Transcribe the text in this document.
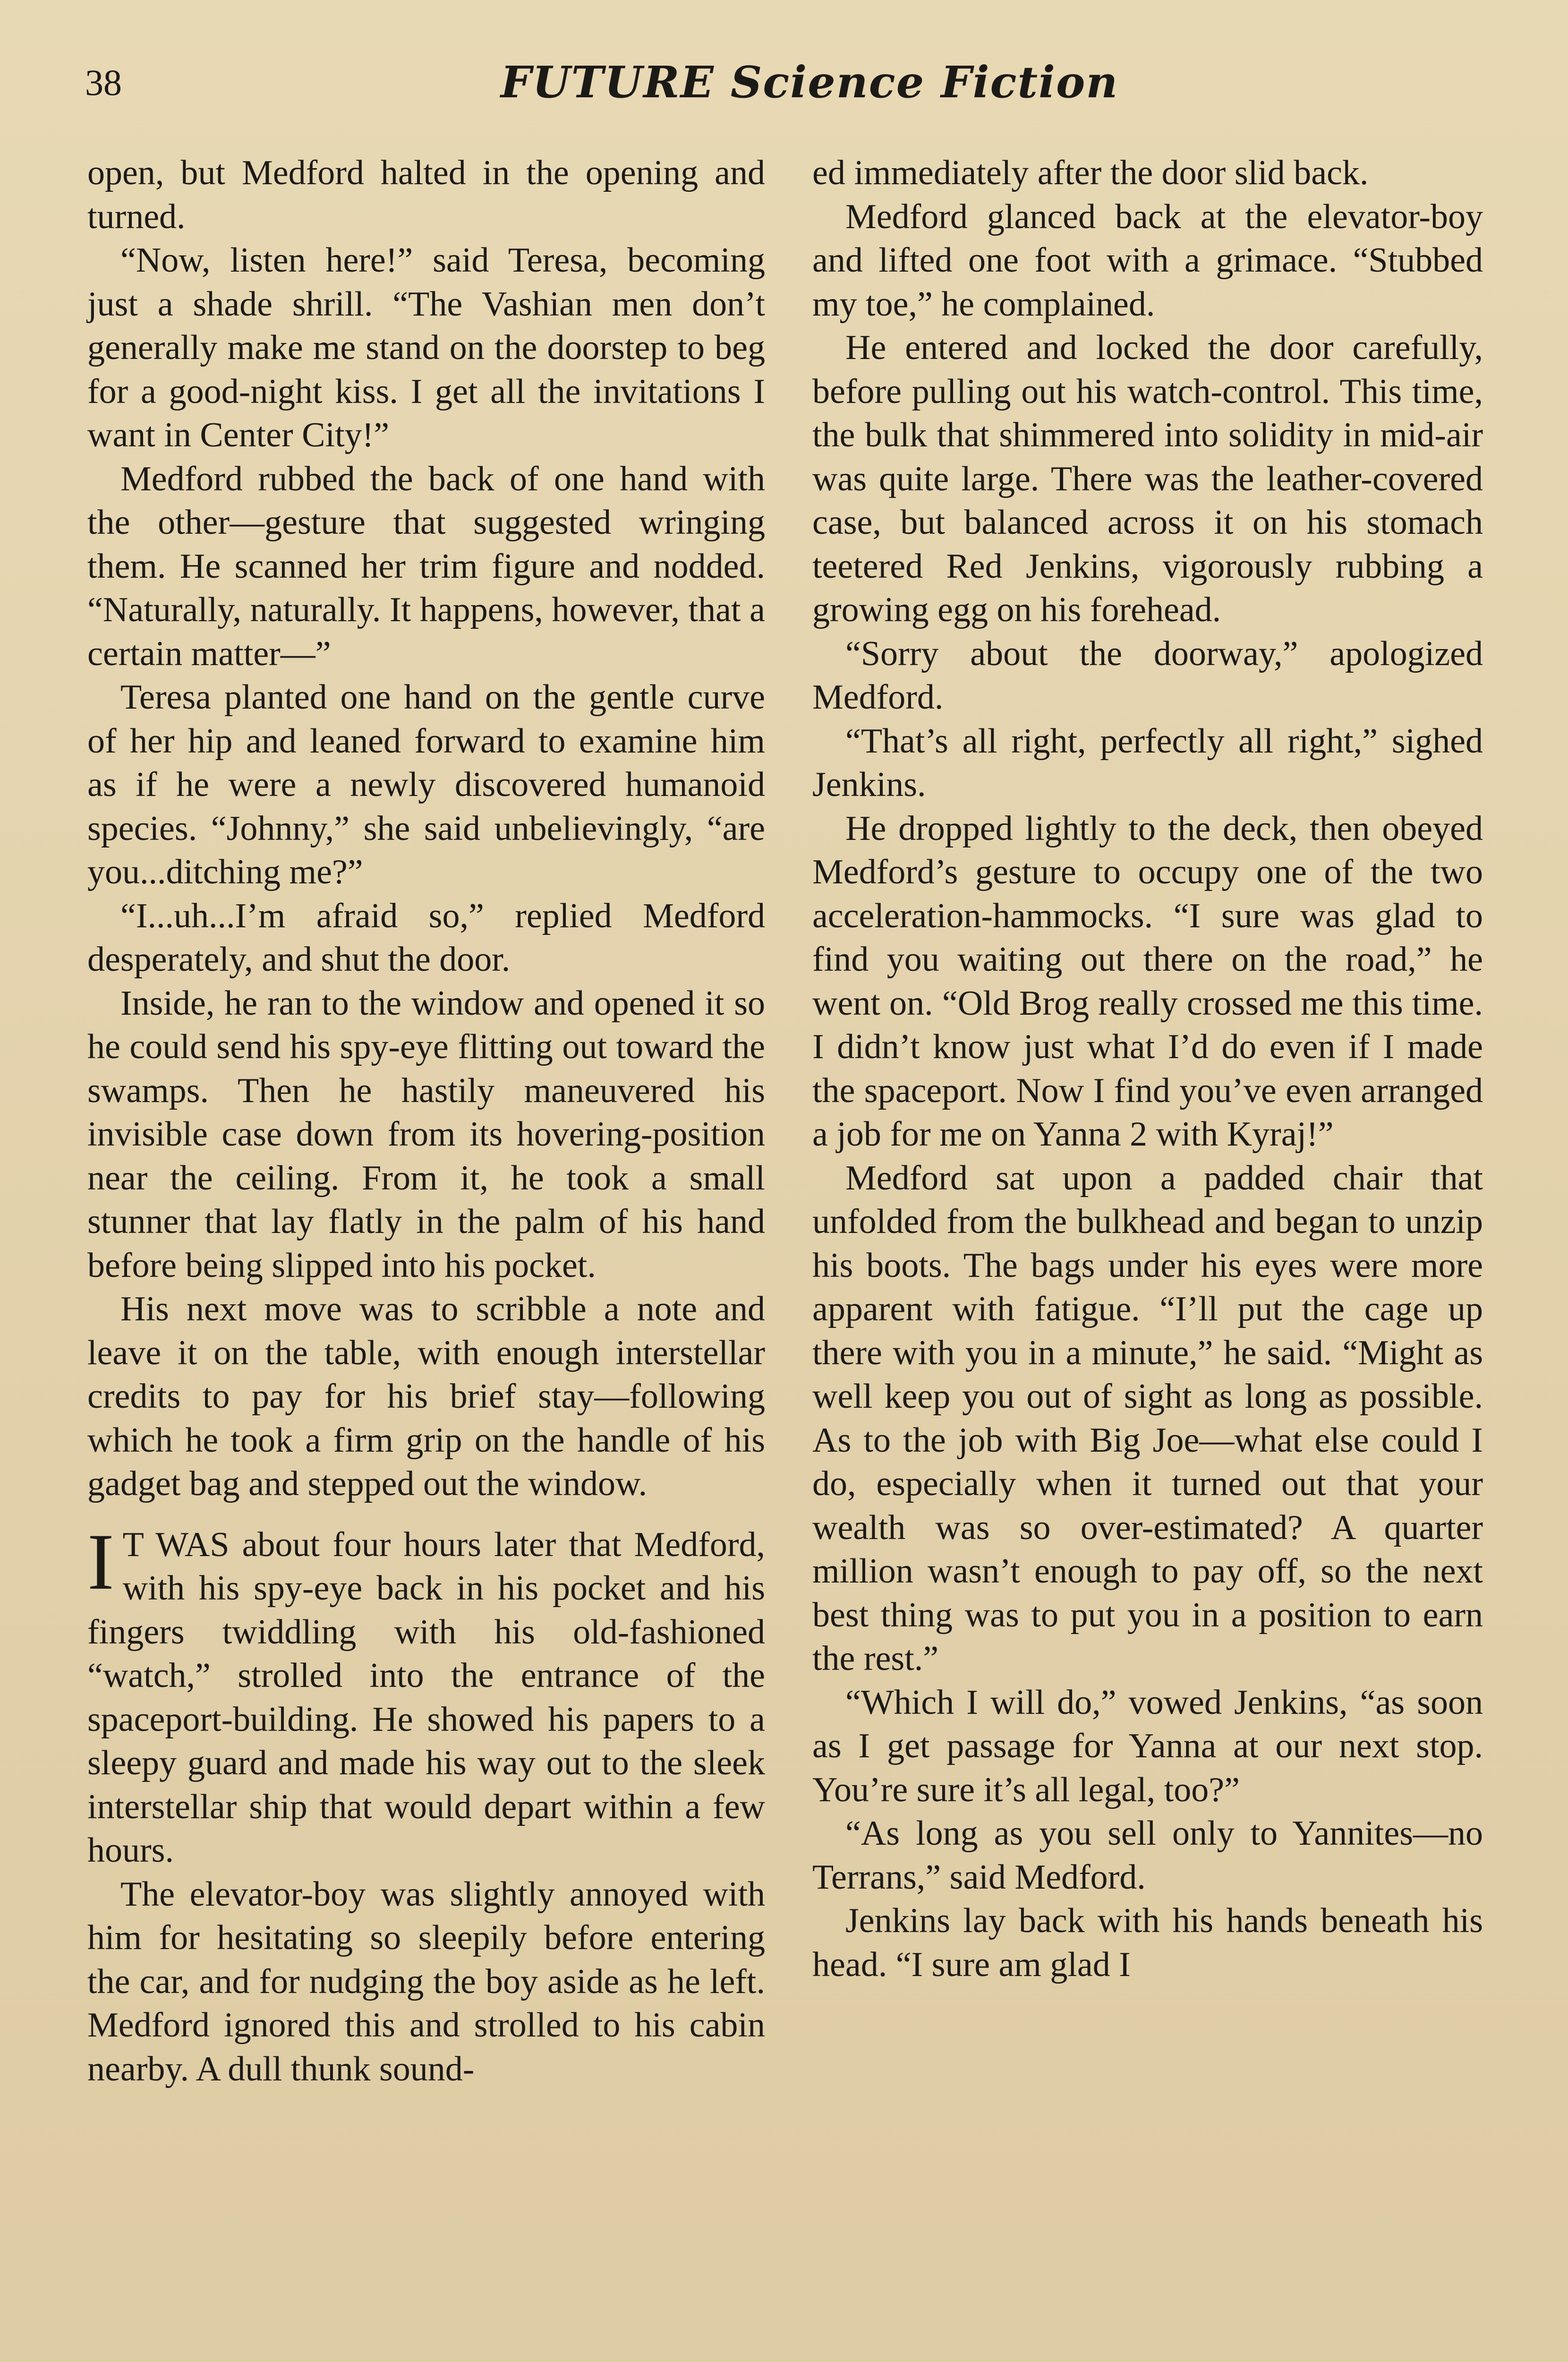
38	FUTURE Science Fiction

open, but Medford halted in the opening and turned.

“Now, listen here!” said Teresa, becoming just a shade shrill. “The Vashian men don’t generally make me stand on the doorstep to beg for a good-night kiss. I get all the invitations I want in Center City!”

Medford rubbed the back of one hand with the other—gesture that suggested wringing them. He scanned her trim figure and nodded. “Naturally, naturally. It happens, however, that a certain matter—”

Teresa planted one hand on the gentle curve of her hip and leaned forward to examine him as if he were a newly discovered humanoid species. “Johnny,” she said unbelievingly, “are you...ditching me?”

“I...uh...I’m afraid so,” replied Medford desperately, and shut the door.

Inside, he ran to the window and opened it so he could send his spy-eye flitting out toward the swamps. Then he hastily maneuvered his invisible case down from its hovering-position near the ceiling. From it, he took a small stunner that lay flatly in the palm of his hand before being slipped into his pocket.

His next move was to scribble a note and leave it on the table, with enough interstellar credits to pay for his brief stay—following which he took a firm grip on the handle of his gadget bag and stepped out the window.

I T WAS about four hours later that Medford, with his spy-eye back in his pocket and his fingers twiddling with his old-fashioned “watch,” strolled into the entrance of the spaceport-building. He showed his papers to a sleepy guard and made his way out to the sleek interstellar ship that would depart within a few hours.

The elevator-boy was slightly annoyed with him for hesitating so sleepily before entering the car, and for nudging the boy aside as he left. Medford ignored this and strolled to his cabin nearby. A dull thunk sound-

ed immediately after the door slid back.

Medford glanced back at the elevator-boy and lifted one foot with a grimace. “Stubbed my toe,” he complained.

He entered and locked the door carefully, before pulling out his watch-control. This time, the bulk that shimmered into solidity in mid-air was quite large. There was the leather-covered case, but balanced across it on his stomach teetered Red Jenkins, vigorously rubbing a growing egg on his forehead.

“Sorry about the doorway,” apologized Medford.

“That’s all right, perfectly all right,” sighed Jenkins.

He dropped lightly to the deck, then obeyed Medford’s gesture to occupy one of the two acceleration-hammocks. “I sure was glad to find you waiting out there on the road,” he went on. “Old Brog really crossed me this time. I didn’t know just what I’d do even if I made the spaceport. Now I find you’ve even arranged a job for me on Yanna 2 with Kyraj!”

Medford sat upon a padded chair that unfolded from the bulkhead and began to unzip his boots. The bags under his eyes were more apparent with fatigue. “I’ll put the cage up there with you in a minute,” he said. “Might as well keep you out of sight as long as possible. As to the job with Big Joe—what else could I do, especially when it turned out that your wealth was so over-estimated? A quarter million wasn’t enough to pay off, so the next best thing was to put you in a position to earn the rest.”

“Which I will do,” vowed Jenkins, “as soon as I get passage for Yanna at our next stop. You’re sure it’s all legal, too?”

“As long as you sell only to Yannites—no Terrans,” said Medford.

Jenkins lay back with his hands beneath his head. “I sure am glad I
